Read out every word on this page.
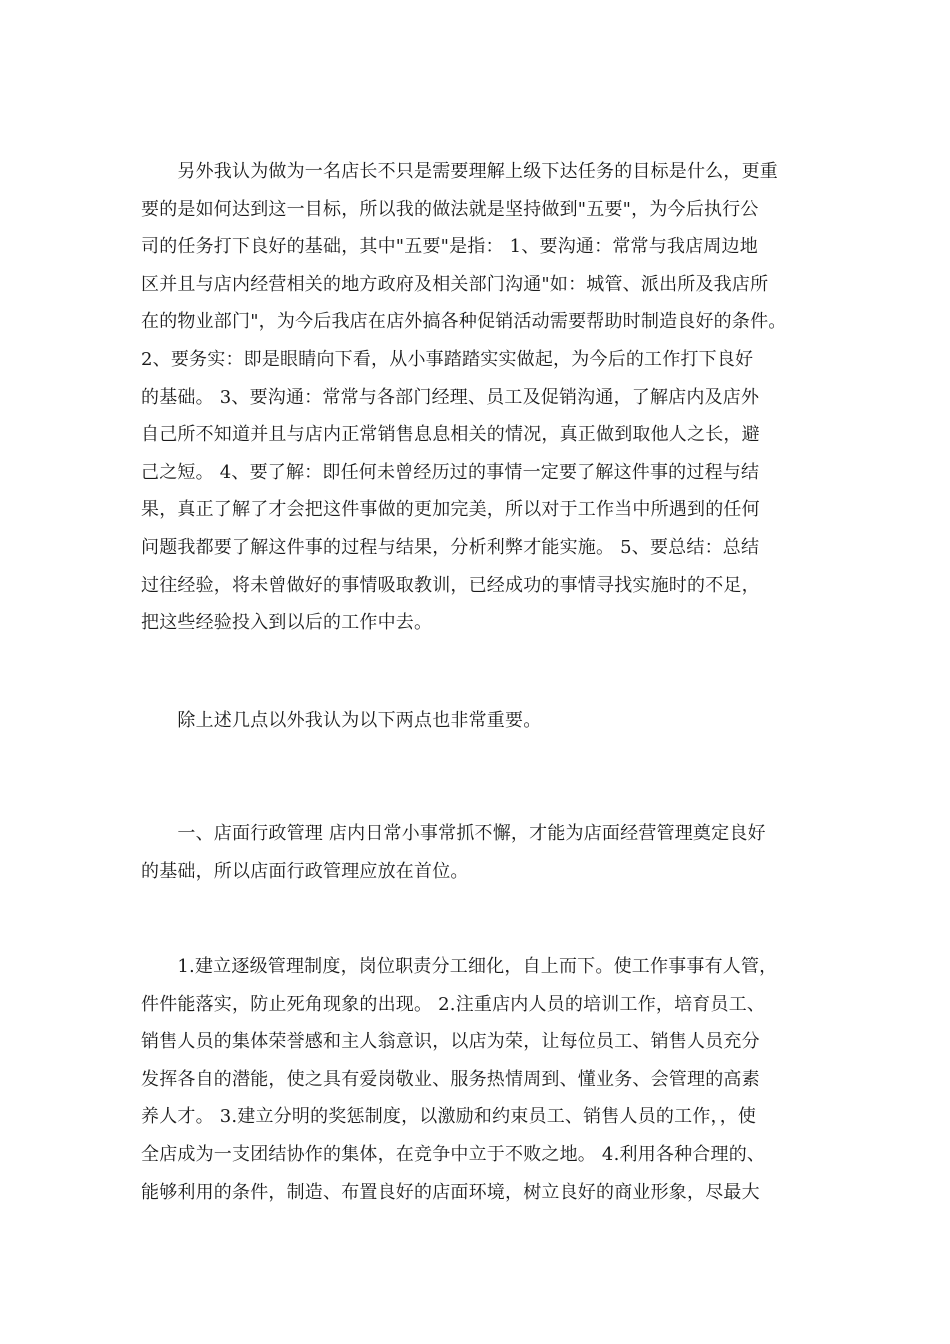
　　另外我认为做为一名店长不只是需要理解上级下达任务的目标是什么，更重
要的是如何达到这一目标，所以我的做法就是坚持做到"五要"，为今后执行公
司的任务打下良好的基础，其中"五要"是指： 1、要沟通：常常与我店周边地
区并且与店内经营相关的地方政府及相关部门沟通"如：城管、派出所及我店所
在的物业部门"，为今后我店在店外搞各种促销活动需要帮助时制造良好的条件。
2、要务实：即是眼睛向下看，从小事踏踏实实做起，为今后的工作打下良好
的基础。 3、要沟通：常常与各部门经理、员工及促销沟通，了解店内及店外
自己所不知道并且与店内正常销售息息相关的情况，真正做到取他人之长，避
己之短。 4、要了解：即任何未曾经历过的事情一定要了解这件事的过程与结
果，真正了解了才会把这件事做的更加完美，所以对于工作当中所遇到的任何
问题我都要了解这件事的过程与结果，分析利弊才能实施。 5、要总结：总结
过往经验，将未曾做好的事情吸取教训，已经成功的事情寻找实施时的不足，
把这些经验投入到以后的工作中去。
　　除上述几点以外我认为以下两点也非常重要。
　　一、店面行政管理 店内日常小事常抓不懈，才能为店面经营管理奠定良好
的基础，所以店面行政管理应放在首位。
　　1.建立逐级管理制度，岗位职责分工细化，自上而下。使工作事事有人管，
件件能落实，防止死角现象的出现。 2.注重店内人员的培训工作，培育员工、
销售人员的集体荣誉感和主人翁意识，以店为荣，让每位员工、销售人员充分
发挥各自的潜能，使之具有爱岗敬业、服务热情周到、懂业务、会管理的高素
养人才。 3.建立分明的奖惩制度，以激励和约束员工、销售人员的工作，，使
全店成为一支团结协作的集体，在竞争中立于不败之地。 4.利用各种合理的、
能够利用的条件，制造、布置良好的店面环境，树立良好的商业形象，尽最大
